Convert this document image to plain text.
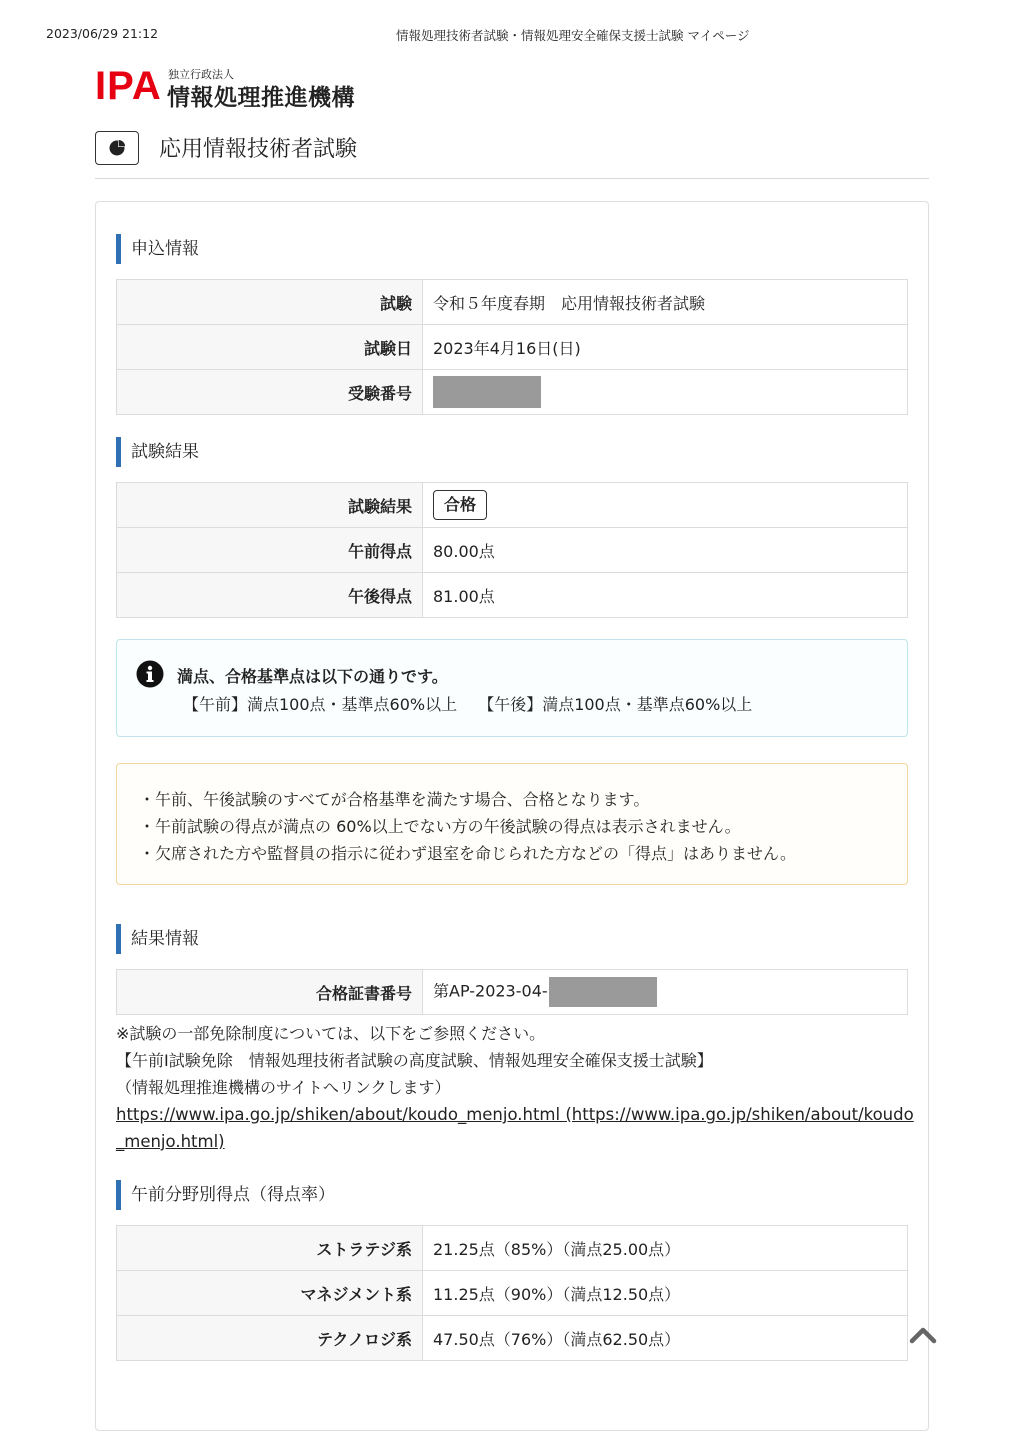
2023/06/29 21:12	情報処理技術者試験・情報処理安全確保支援士試験 マイページ
IPA 独立行政法人
情報処理推進機構
応用情報技術者試験
申込情報
試験	令和５年度春期　応用情報技術者試験
試験日	2023年4月16日(日)
受験番号	
試験結果
試験結果	合格
午前得点	80.00点
午後得点	81.00点
満点、合格基準点は以下の通りです。
【午前】満点100点・基準点60%以上　 【午後】満点100点・基準点60%以上
・午前、午後試験のすべてが合格基準を満たす場合、合格となります。
・午前試験の得点が満点の 60%以上でない方の午後試験の得点は表示されません。
・欠席された方や監督員の指示に従わず退室を命じられた方などの「得点」はありません。
結果情報
合格証書番号	第AP-2023-04-
※試験の一部免除制度については、以下をご参照ください。
【午前Ⅰ試験免除　情報処理技術者試験の高度試験、情報処理安全確保支援士試験】
（情報処理推進機構のサイトへリンクします）
https://www.ipa.go.jp/shiken/about/koudo_menjo.html (https://www.ipa.go.jp/shiken/about/koudo_menjo.html)
午前分野別得点（得点率）
ストラテジ系	21.25点（85%）（満点25.00点）
マネジメント系	11.25点（90%）（満点12.50点）
テクノロジ系	47.50点（76%）（満点62.50点）
